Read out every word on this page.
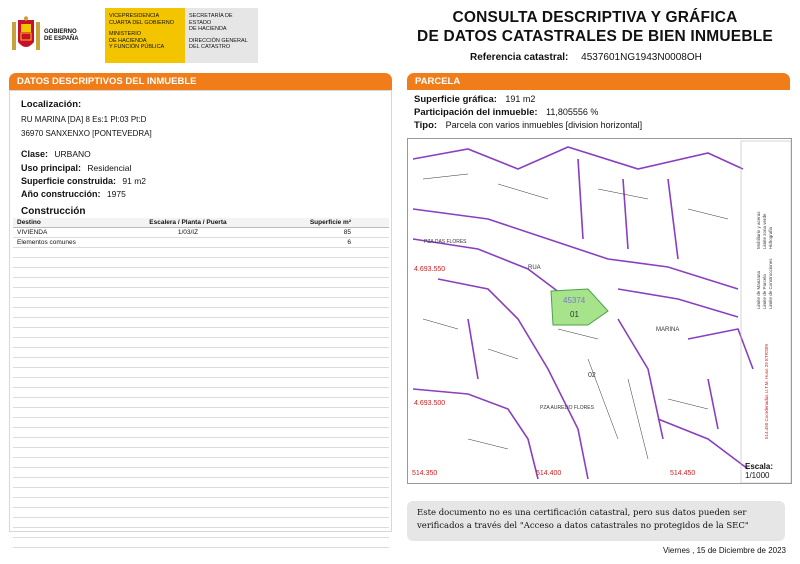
GOBIERNO
DE ESPAÑA
VICEPRESIDENCIA
CUARTA DEL GOBIERNO
MINISTERIO
DE HACIENDA
Y FUNCIÓN PÚBLICA
SECRETARÍA DE ESTADO
DE HACIENDA
DIRECCIÓN GENERAL
DEL CATASTRO
CONSULTA DESCRIPTIVA Y GRÁFICA
DE DATOS CATASTRALES DE BIEN INMUEBLE
Referencia catastral: 4537601NG1943N0008OH
DATOS DESCRIPTIVOS DEL INMUEBLE
Localización:
RU MARINA [DA] 8 Es:1 Pl:03 Pt:D
36970 SANXENXO [PONTEVEDRA]
Clase: URBANO
Uso principal: Residencial
Superficie construida: 91 m2
Año construcción: 1975
Construcción
Destino	Escalera / Planta / Puerta	Superficie m²
VIVIENDA	1/03/IZ	85
Elementos comunes		6

PARCELA
Superficie gráfica: 191 m2
Participación del inmueble: 11,805556 %
Tipo: Parcela con varios inmuebles [division horizontal]
4.693.550
4.693.500
514.350	514.400	514.450
45374
01
02
MARINA
RUA
PZA DAS FLORES
PZA AURELIO FLORES	514.450 Coordenadas U.T.M. Huso 29 ETRS89
Limite de Manzana Limite de Parcela Limite de Construcciones
Mobiliario y aceras Limite zona verde Hidrografia
Escala:
1/1000
Este documento no es una certificación catastral, pero sus datos pueden ser verificados a través del "Acceso a datos catastrales no protegidos de la SEC"
Viernes , 15 de Diciembre de 2023
